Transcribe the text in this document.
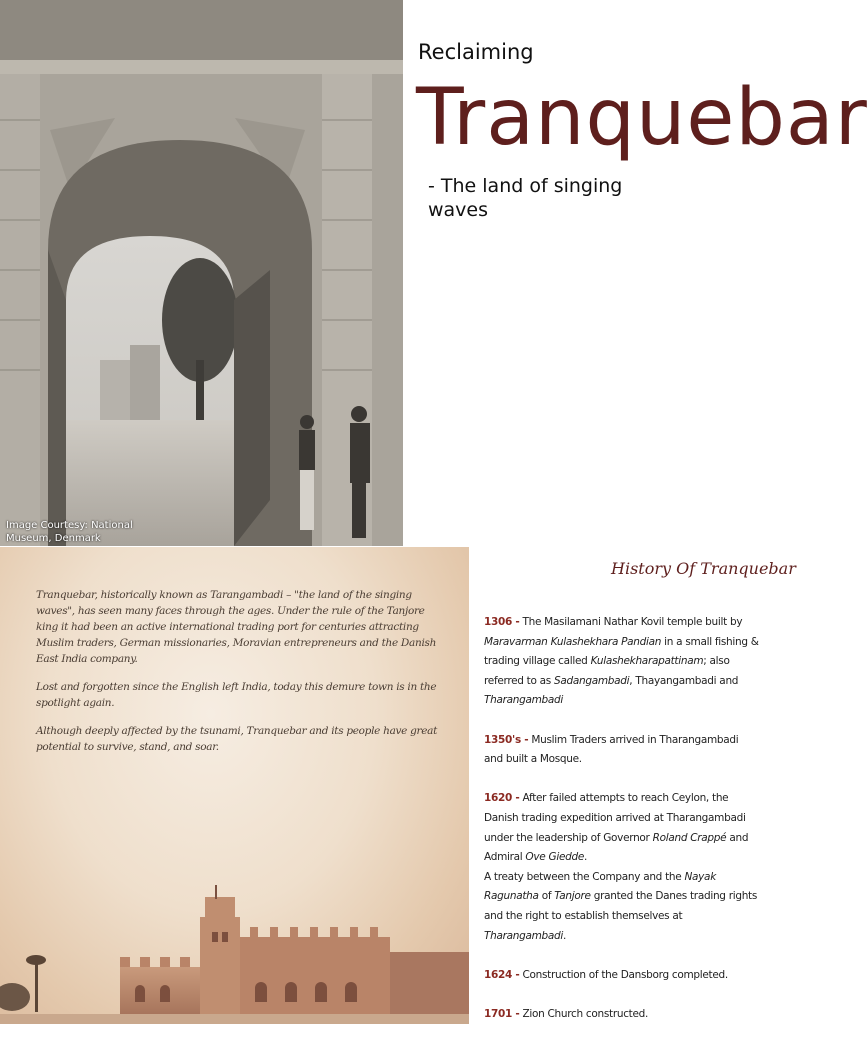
Image Courtesy: National Museum, Denmark
Reclaiming
Tranquebar
- The land of singing waves

Tranquebar, historically known as Tarangambadi – "the land of the singing waves", has seen many faces through the ages. Under the rule of the Tanjore king it had been an active international trading port for centuries attracting Muslim traders, German missionaries, Moravian entrepreneurs and the Danish East India company.

Lost and forgotten since the English left India, today this demure town is in the spotlight again.

Although deeply affected by the tsunami, Tranquebar and its people have great potential to survive, stand, and soar.

History Of Tranquebar
1306 - The Masilamani Nathar Kovil temple built by Maravarman Kulashekhara Pandian in a small fishing & trading village called Kulashekharapattinam; also referred to as Sadangambadi, Thayangambadi and Tharangambadi
1350's - Muslim Traders arrived in Tharangambadi and built a Mosque.
1620 - After failed attempts to reach Ceylon, the Danish trading expedition arrived at Tharangambadi under the leadership of Governor Roland Crappé and Admiral Ove Giedde.
A treaty between the Company and the Nayak Ragunatha of Tanjore granted the Danes trading rights and the right to establish themselves at Tharangambadi.
1624 - Construction of the Dansborg completed.
1701 - Zion Church constructed.
